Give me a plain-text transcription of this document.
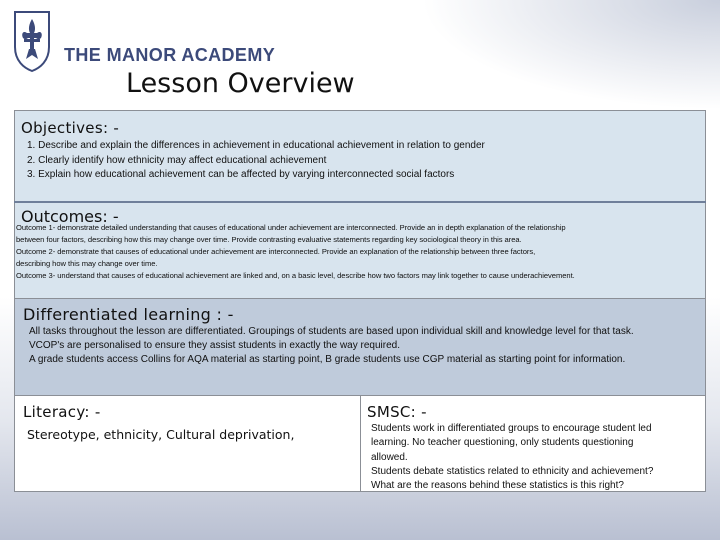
THE MANOR ACADEMY
Lesson Overview
Objectives: -
1. Describe and explain the differences in achievement in educational achievement in relation to gender
2. Clearly identify how ethnicity may affect educational achievement
3. Explain how educational achievement can be affected by varying interconnected social factors
Outcomes: -
Outcome 1- demonstrate detailed understanding that causes of educational under achievement are interconnected. Provide an in depth explanation of the relationship
between four factors, describing how this may change over time. Provide contrasting evaluative statements regarding key sociological theory in this area.
Outcome 2- demonstrate that causes of educational under achievement are interconnected. Provide an explanation of the relationship between three factors,
describing how this may change over time.
Outcome 3- understand that causes of educational achievement are linked and, on a basic level, describe how two factors may link together to cause underachievement.
Differentiated learning : -
All tasks throughout the lesson are differentiated. Groupings of students are based upon individual skill and knowledge level for that task.
VCOP's are personalised to ensure they assist students in exactly the way required.
A grade students access Collins for AQA material as starting point, B grade students use CGP material as starting point for information.
Literacy: -
Stereotype, ethnicity, Cultural deprivation,
SMSC: -
Students work in differentiated groups to encourage student led
learning. No teacher questioning, only students questioning
allowed.
Students debate statistics related to ethnicity and achievement?
What are the reasons behind these statistics is this right?
